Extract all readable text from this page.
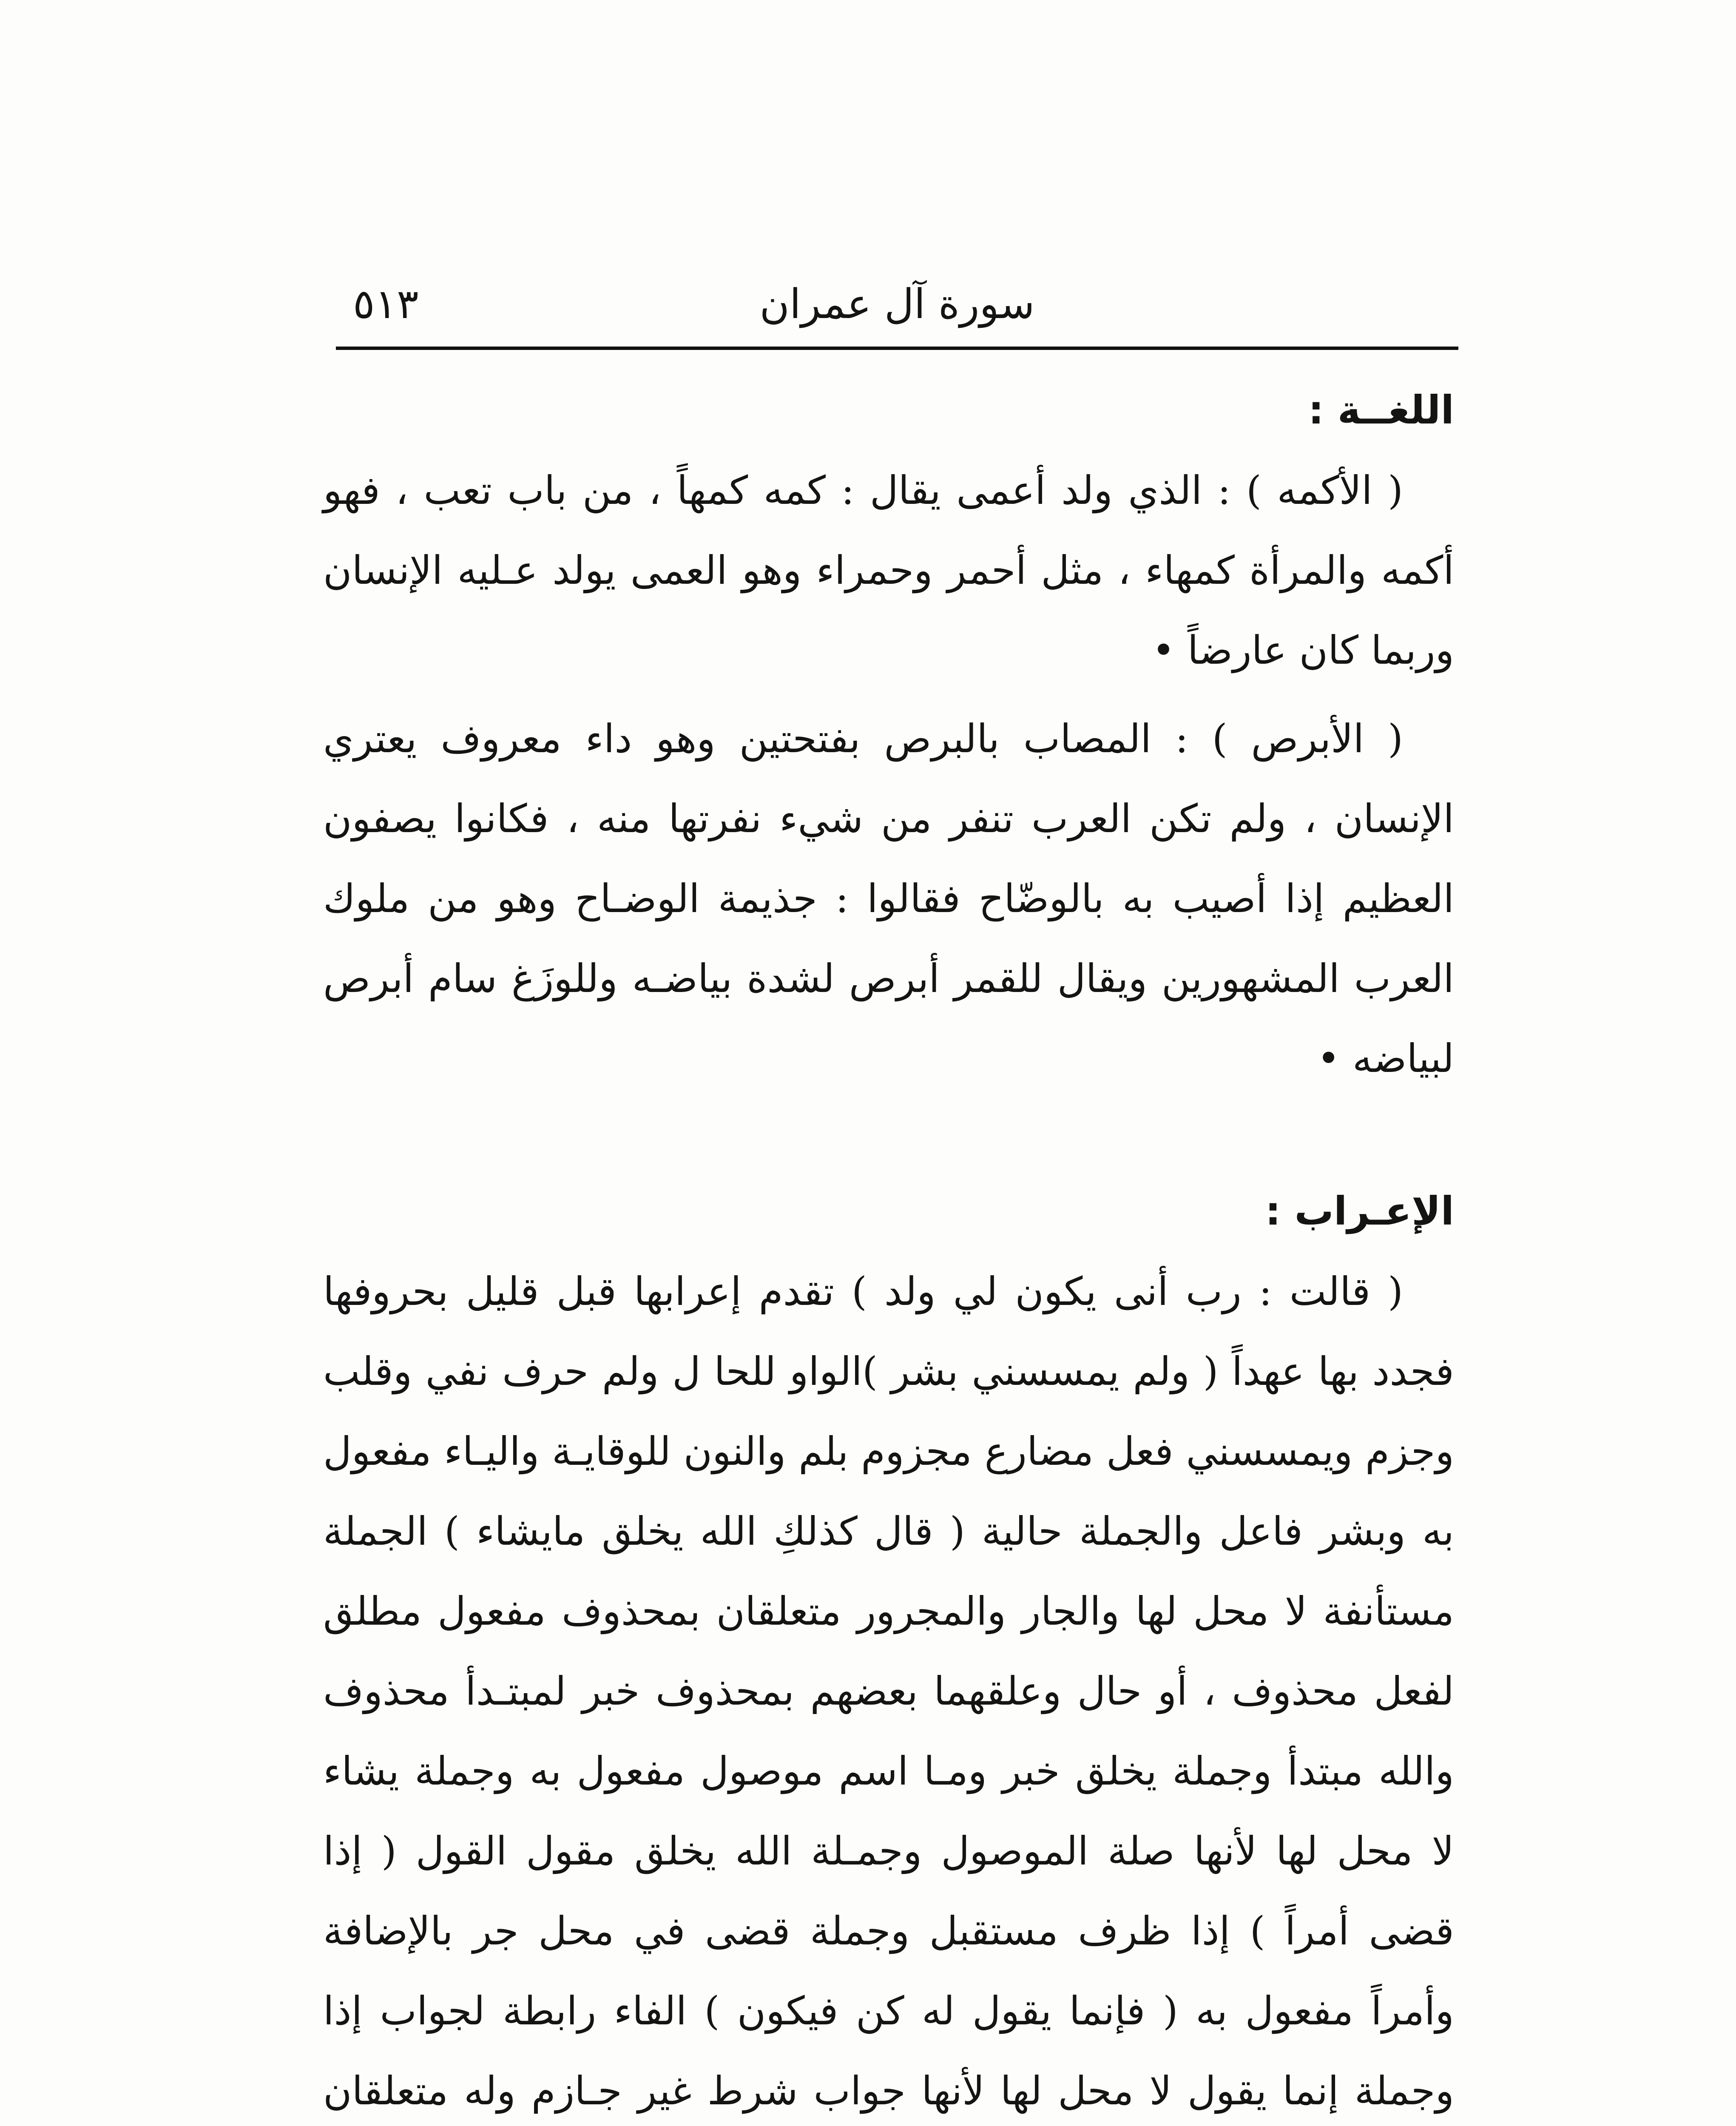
سورة آل عمران
٥١٣
اللغــة :

( الأكمه ) : الذي ولد أعمى يقال : كمه كمهاً ، من باب تعب ، فهو أكمه والمرأة كمهاء ، مثل أحمر وحمراء وهو العمى يولد عـليه الإنسان وربما كان عارضاً •

( الأبرص ) : المصاب بالبرص بفتحتين وهو داء معروف يعتري الإنسان ، ولم تكن العرب تنفر من شيء نفرتها منه ، فكانوا يصفون العظيم إذا أصيب به بالوضّاح فقالوا : جذيمة الوضـاح وهو من ملوك العرب المشهورين ويقال للقمر أبرص لشدة بياضـه وللوزَغ سام أبرص لبياضه •

الإعـراب :

( قالت : رب أنى يكون لي ولد ) تقدم إعرابها قبل قليل بحروفها فجدد بها عهداً ( ولم يمسسني بشر )الواو للحا ل ولم حرف نفي وقلب وجزم ويمسسني فعل مضارع مجزوم بلم والنون للوقايـة واليـاء مفعول به وبشر فاعل والجملة حالية ( قال كذلكِ الله يخلق مايشاء ) الجملة مستأنفة لا محل لها والجار والمجرور متعلقان بمحذوف مفعول مطلق لفعل محذوف ، أو حال وعلقهما بعضهم بمحذوف خبر لمبتـدأ محذوف والله مبتدأ وجملة يخلق خبر ومـا اسم موصول مفعول به وجملة يشاء لا محل لها لأنها صلة الموصول وجمـلة الله يخلق مقول القول ( إذا قضى أمراً ) إذا ظرف مستقبل وجملة قضى في محل جر بالإضافة وأمراً مفعول به ( فإنما يقول له كن فيكون ) الفاء رابطة لجواب إذا وجملة إنما يقول لا محل لها لأنها جواب شرط غير جـازم وله متعلقان
